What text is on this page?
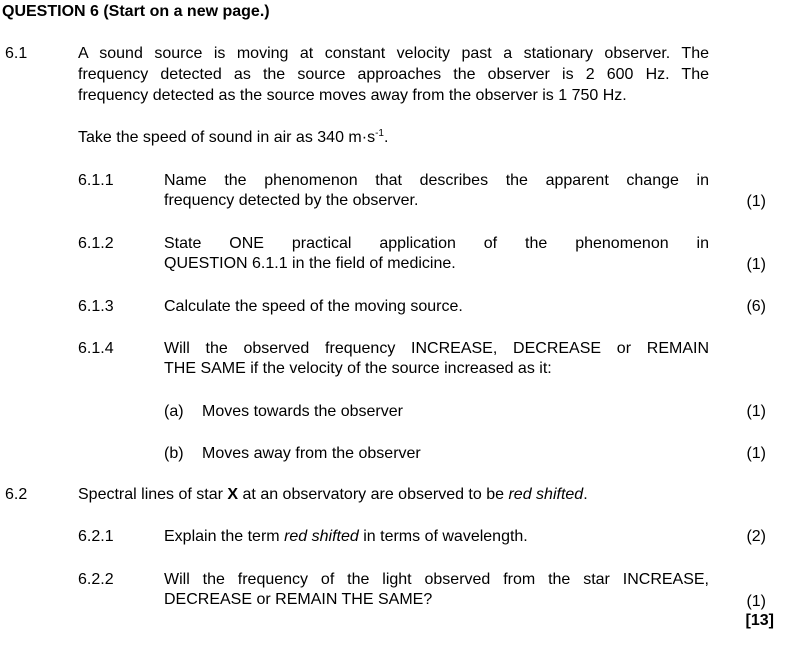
QUESTION 6 (Start on a new page.)
6.1	A sound source is moving at constant velocity past a stationary observer. The
frequency detected as the source approaches the observer is 2 600 Hz. The
frequency detected as the source moves away from the observer is 1 750 Hz.
Take the speed of sound in air as 340 $m\cdot s^{-1}$.
6.1.1	Name the phenomenon that describes the apparent change in
frequency detected by the observer.	(1)
6.1.2	State ONE practical application of the phenomenon in
QUESTION 6.1.1 in the field of medicine.	(1)
6.1.3	Calculate the speed of the moving source.	(6)
6.1.4	Will the observed frequency INCREASE, DECREASE or REMAIN
THE SAME if the velocity of the source increased as it:
(a) Moves towards the observer	(1)
(b) Moves away from the observer	(1)
6.2	Spectral lines of star X at an observatory are observed to be red shifted.
6.2.1	Explain the term red shifted in terms of wavelength.	(2)
6.2.2	Will the frequency of the light observed from the star INCREASE,
DECREASE or REMAIN THE SAME?	(1)
[13]
